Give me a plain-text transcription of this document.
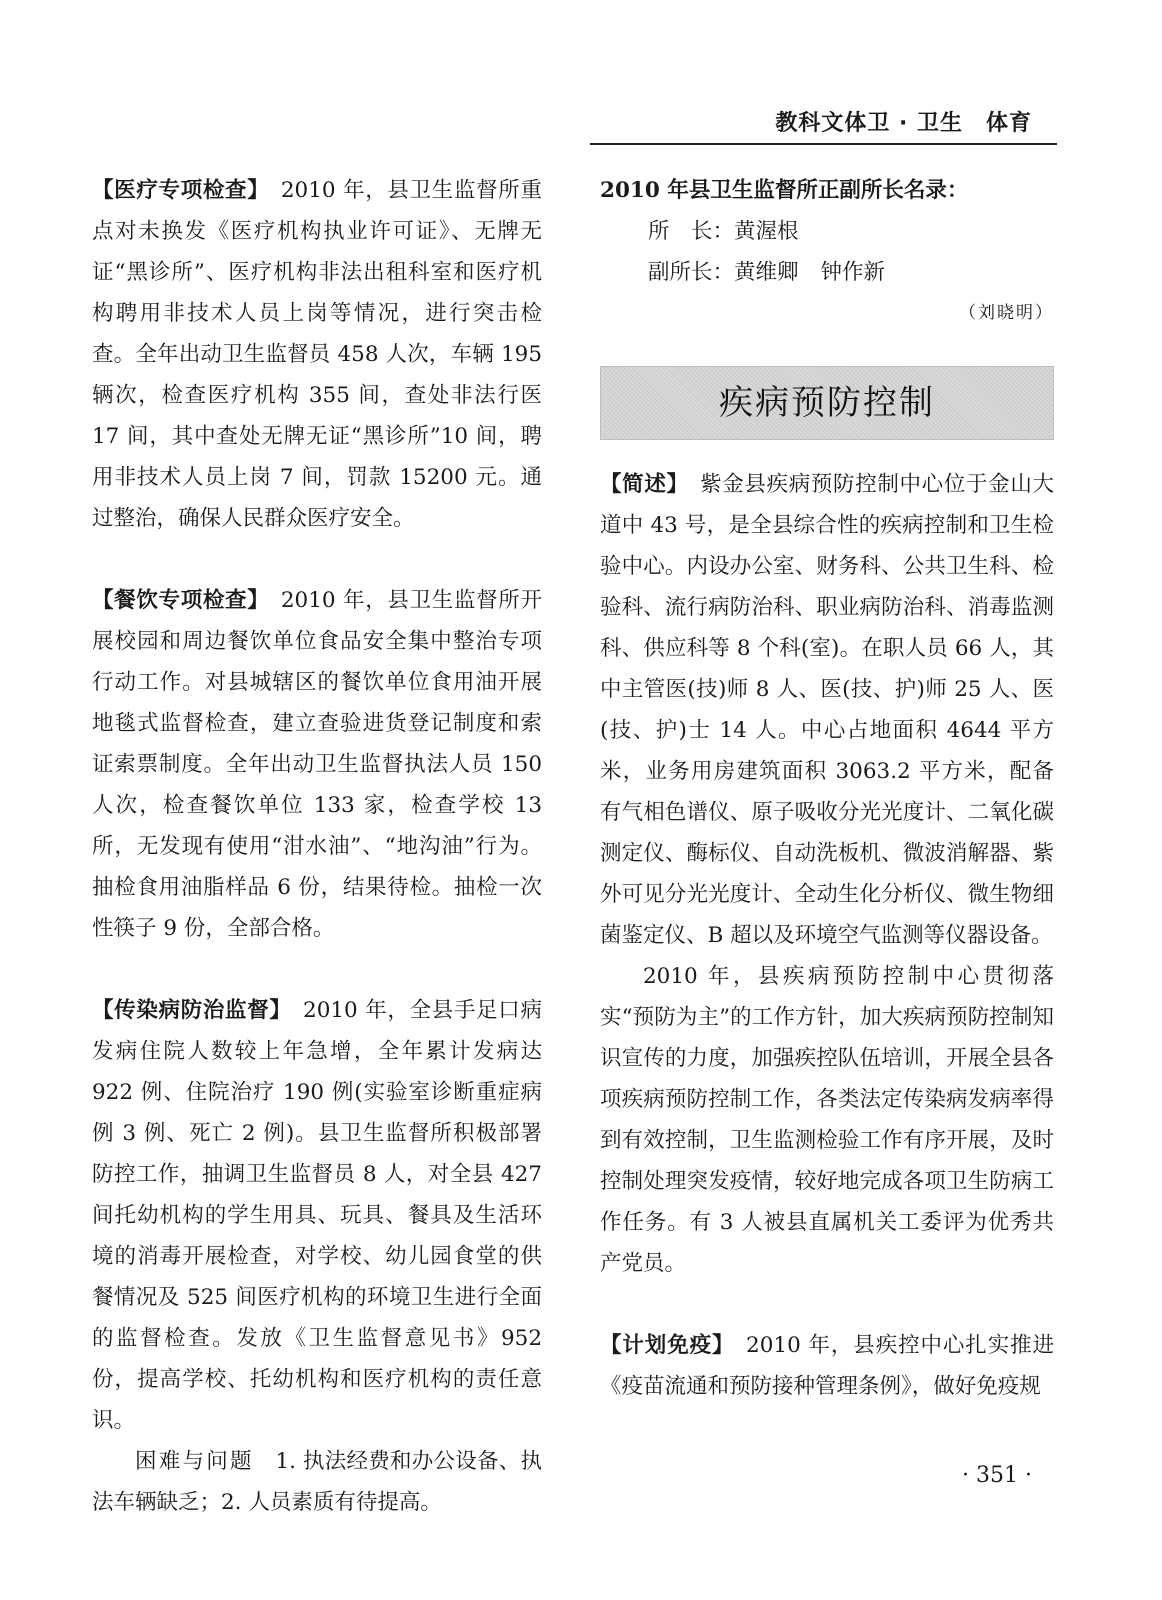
教科文体卫 · 卫生　体育

【医疗专项检查】　2010 年，县卫生监督所重点对未换发《医疗机构执业许可证》、无牌无证“黑诊所”、医疗机构非法出租科室和医疗机构聘用非技术人员上岗等情况，进行突击检查。全年出动卫生监督员 458 人次，车辆 195 辆次，检查医疗机构 355 间，查处非法行医 17 间，其中查处无牌无证“黑诊所”10 间，聘用非技术人员上岗 7 间，罚款 15200 元。通过整治，确保人民群众医疗安全。

【餐饮专项检查】　2010 年，县卫生监督所开展校园和周边餐饮单位食品安全集中整治专项行动工作。对县城辖区的餐饮单位食用油开展地毯式监督检查，建立查验进货登记制度和索证索票制度。全年出动卫生监督执法人员 150 人次，检查餐饮单位 133 家，检查学校 13 所，无发现有使用“泔水油”、“地沟油”行为。抽检食用油脂样品 6 份，结果待检。抽检一次性筷子 9 份，全部合格。

【传染病防治监督】　2010 年，全县手足口病发病住院人数较上年急增，全年累计发病达 922 例、住院治疗 190 例(实验室诊断重症病例 3 例、死亡 2 例)。县卫生监督所积极部署防控工作，抽调卫生监督员 8 人，对全县 427 间托幼机构的学生用具、玩具、餐具及生活环境的消毒开展检查，对学校、幼儿园食堂的供餐情况及 525 间医疗机构的环境卫生进行全面的监督检查。发放《卫生监督意见书》952 份，提高学校、托幼机构和医疗机构的责任意识。

困难与问题　1. 执法经费和办公设备、执法车辆缺乏；2. 人员素质有待提高。

2010 年县卫生监督所正副所长名录：

所　长：黄渥根

副所长：黄维卿 钟作新

（刘晓明）

疾病预防控制

【简述】　紫金县疾病预防控制中心位于金山大道中 43 号，是全县综合性的疾病控制和卫生检验中心。内设办公室、财务科、公共卫生科、检验科、流行病防治科、职业病防治科、消毒监测科、供应科等 8 个科(室)。在职人员 66 人，其中主管医(技)师 8 人、医(技、护)师 25 人、医(技、护)士 14 人。中心占地面积 4644 平方米，业务用房建筑面积 3063.2 平方米，配备有气相色谱仪、原子吸收分光光度计、二氧化碳测定仪、酶标仪、自动洗板机、微波消解器、紫外可见分光光度计、全动生化分析仪、微生物细菌鉴定仪、B 超以及环境空气监测等仪器设备。

2010 年，县疾病预防控制中心贯彻落实“预防为主”的工作方针，加大疾病预防控制知识宣传的力度，加强疾控队伍培训，开展全县各项疾病预防控制工作，各类法定传染病发病率得到有效控制，卫生监测检验工作有序开展，及时控制处理突发疫情，较好地完成各项卫生防病工作任务。有 3 人被县直属机关工委评为优秀共产党员。

【计划免疫】　2010 年，县疾控中心扎实推进《疫苗流通和预防接种管理条例》，做好免疫规

· 351 ·
